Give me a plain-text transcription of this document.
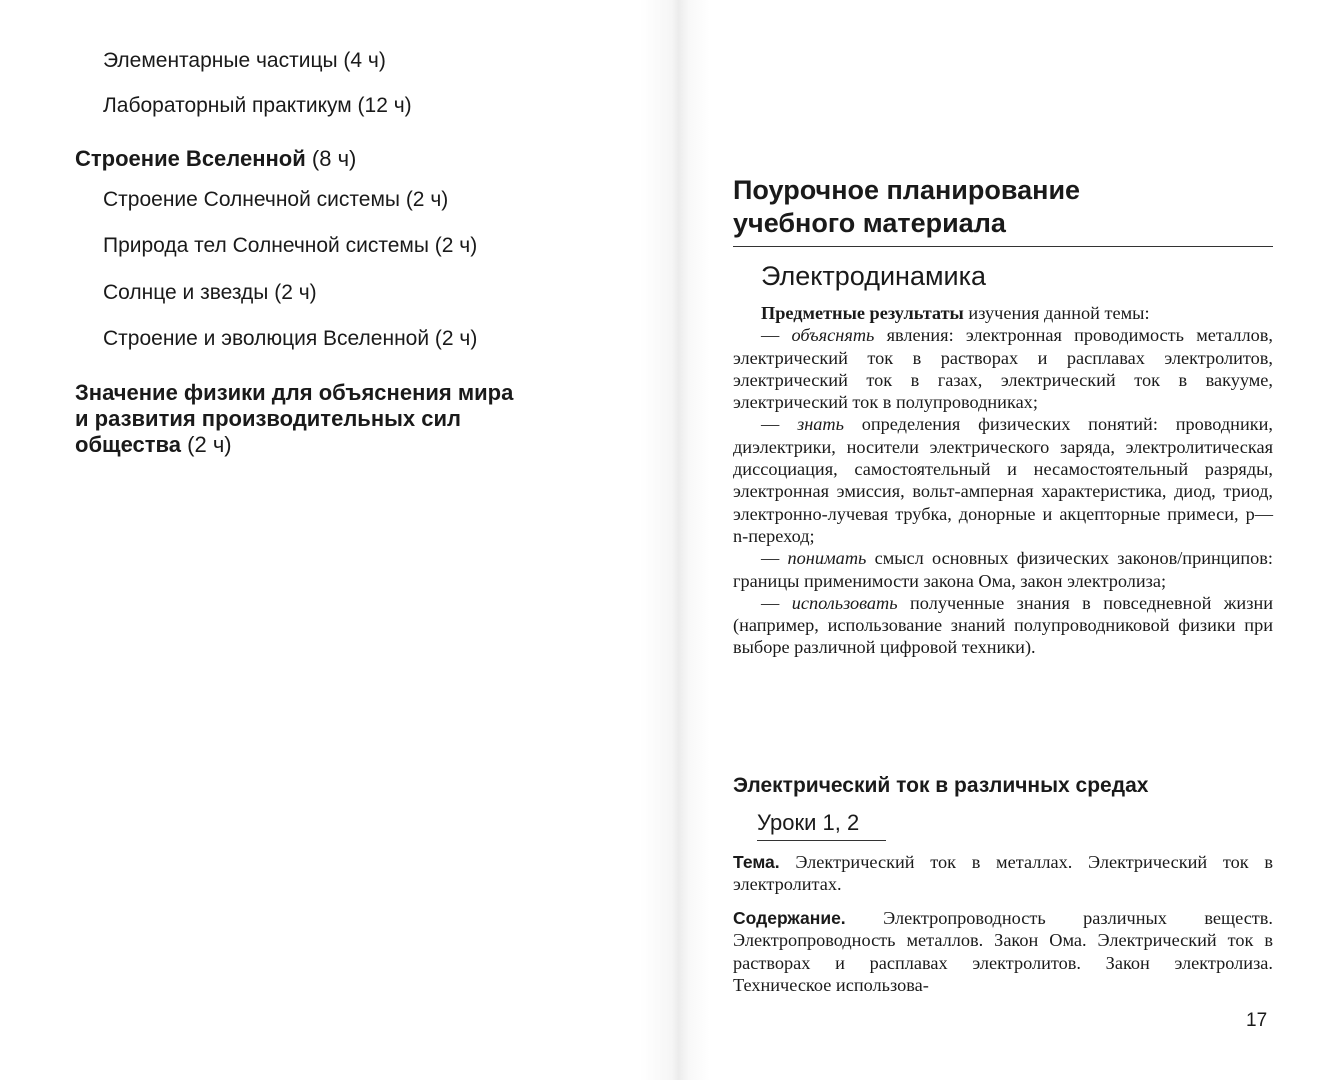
Элементарные частицы (4 ч)
Лабораторный практикум (12 ч)
Строение Вселенной (8 ч)
Строение Солнечной системы (2 ч)
Природа тел Солнечной системы (2 ч)
Солнце и звезды (2 ч)
Строение и эволюция Вселенной (2 ч)
Значение физики для объяснения мира
и развития производительных сил
общества (2 ч)
Поурочное планирование
учебного материала
Электродинамика

Предметные результаты изучения данной темы:

— объяснять явления: электронная проводимость металлов, электрический ток в растворах и расплавах электролитов, электрический ток в газах, электрический ток в вакууме, электрический ток в полупроводниках;

— знать определения физических понятий: проводники, диэлектрики, носители электрического заряда, электролитическая диссоциация, самостоятельный и несамостоятельный разряды, электронная эмиссия, вольт-амперная характеристика, диод, триод, электронно-лучевая трубка, донорные и акцепторные примеси, p—n-переход;

— понимать смысл основных физических законов/принципов: границы применимости закона Ома, закон электролиза;

— использовать полученные знания в повседневной жизни (например, использование знаний полупроводниковой физики при выборе различной цифровой техники).

Электрический ток в различных средах
Уроки 1, 2
Тема. Электрический ток в металлах. Электрический ток в электролитах.
Содержание. Электропроводность различных веществ. Электропроводность металлов. Закон Ома. Электрический ток в растворах и расплавах электролитов. Закон электролиза. Техническое использова-
17
